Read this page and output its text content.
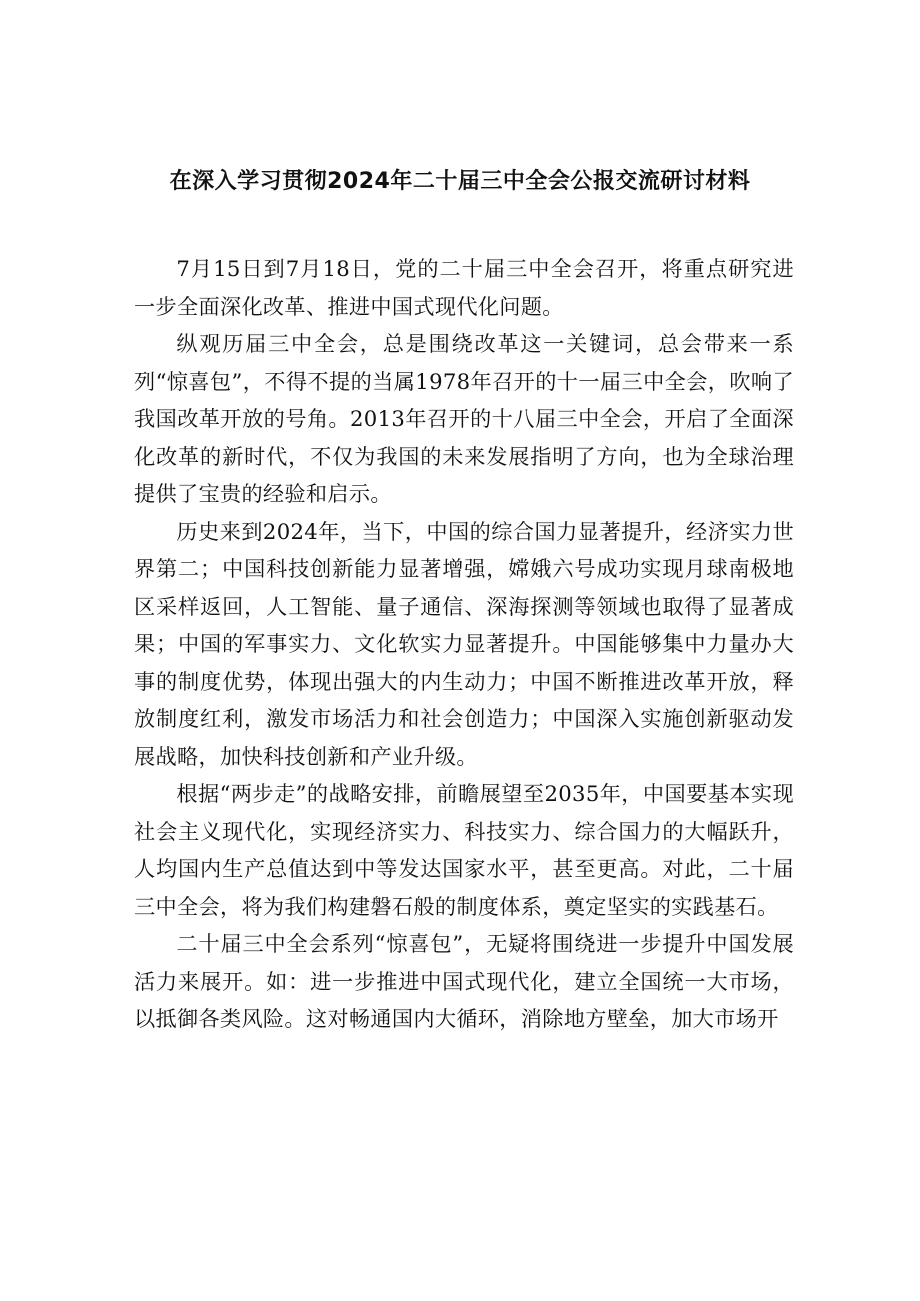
在深入学习贯彻2024年二十届三中全会公报交流研讨材料

7月15日到7月18日，党的二十届三中全会召开，将重点研究进一步全面深化改革、推进中国式现代化问题。

纵观历届三中全会，总是围绕改革这一关键词，总会带来一系列“惊喜包”，不得不提的当属1978年召开的十一届三中全会，吹响了我国改革开放的号角。2013年召开的十八届三中全会，开启了全面深化改革的新时代，不仅为我国的未来发展指明了方向，也为全球治理提供了宝贵的经验和启示。

历史来到2024年，当下，中国的综合国力显著提升，经济实力世界第二；中国科技创新能力显著增强，嫦娥六号成功实现月球南极地区采样返回，人工智能、量子通信、深海探测等领域也取得了显著成果；中国的军事实力、文化软实力显著提升。中国能够集中力量办大事的制度优势，体现出强大的内生动力；中国不断推进改革开放，释放制度红利，激发市场活力和社会创造力；中国深入实施创新驱动发展战略，加快科技创新和产业升级。

根据“两步走”的战略安排，前瞻展望至2035年，中国要基本实现社会主义现代化，实现经济实力、科技实力、综合国力的大幅跃升，人均国内生产总值达到中等发达国家水平，甚至更高。对此，二十届三中全会，将为我们构建磐石般的制度体系，奠定坚实的实践基石。

二十届三中全会系列“惊喜包”，无疑将围绕进一步提升中国发展活力来展开。如：进一步推进中国式现代化，建立全国统一大市场，以抵御各类风险。这对畅通国内大循环，消除地方壁垒，加大市场开
